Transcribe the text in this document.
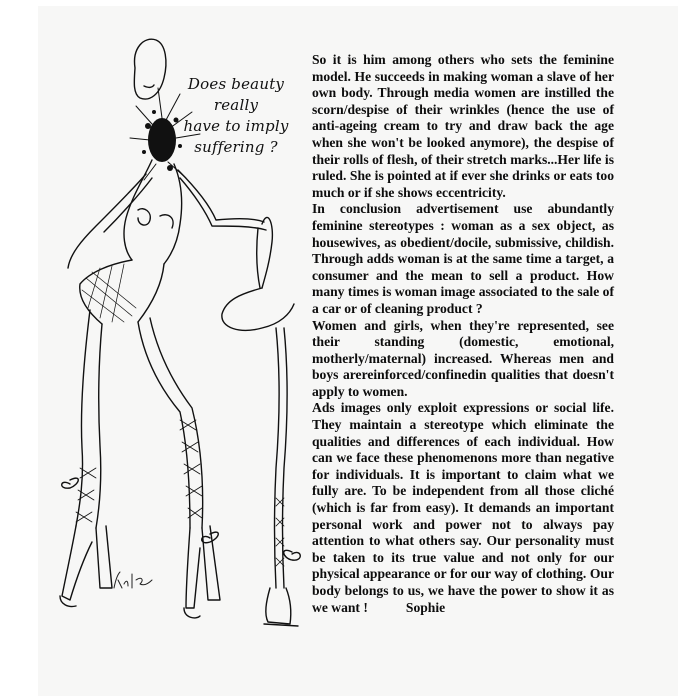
Does beauty really
have to imply
suffering ?

So it is him among others who sets the feminine model. He succeeds in making woman a slave of her own body. Through media women are instilled the scorn/despise of their wrinkles (hence the use of anti-ageing cream to try and draw back the age when she won't be looked anymore), the despise of their rolls of flesh, of their stretch marks...Her life is ruled. She is pointed at if ever she drinks or eats too much or if she shows eccentricity.

In conclusion advertisement use abundantly feminine stereotypes : woman as a sex object, as housewives, as obedient/docile, submissive, childish. Through adds woman is at the same time a target, a consumer and the mean to sell a product. How many times is woman image associated to the sale of a car or of cleaning product ?

Women and girls, when they're represented, see their standing (domestic, emotional, motherly/maternal) increased. Whereas men and boys arereinforced/confinedin qualities that doesn't apply to women.

Ads images only exploit expressions or social life. They maintain a stereotype which eliminate the qualities and differences of each individual. How can we face these phenomenons more than negative for individuals. It is important to claim what we fully are. To be independent from all those cliché (which is far from easy). It demands an important personal work and power not to always pay attention to what others say. Our personality must be taken to its true value and not only for our physical appearance or for our way of clothing. Our body belongs to us, we have the power to show it as we want !	Sophie
